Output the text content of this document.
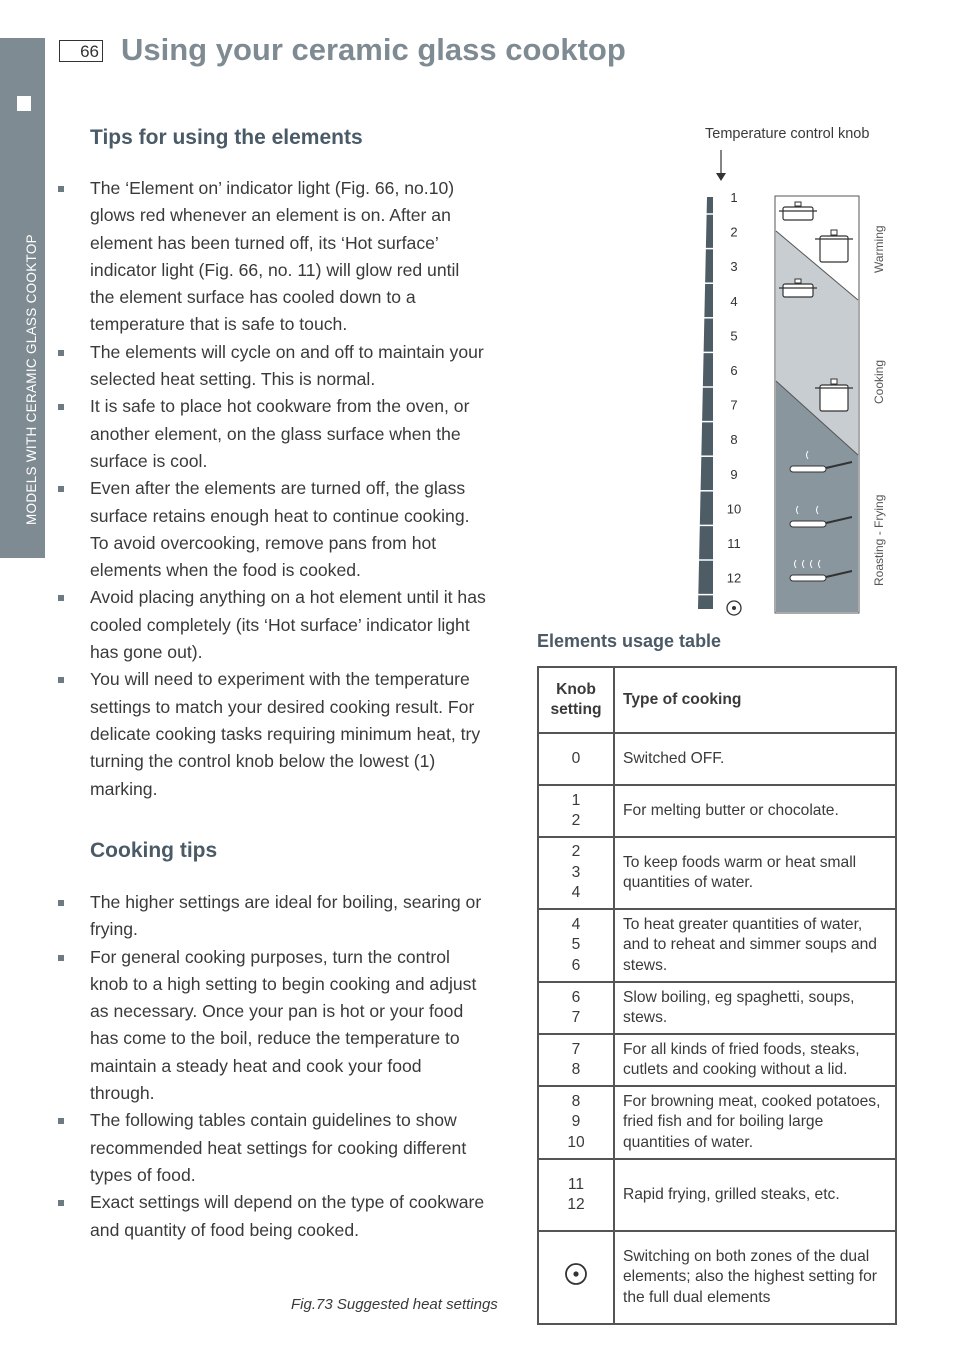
MODELS WITH CERAMIC GLASS COOKTOP
66 Using your ceramic glass cooktop
Tips for using the elements
The ‘Element on’ indicator light (Fig. 66, no.10) glows red whenever an element is on. After an element has been turned off, its ‘Hot surface’ indicator light (Fig. 66, no. 11) will glow red until the element surface has cooled down to a temperature that is safe to touch.
The elements will cycle on and off to maintain your selected heat setting. This is normal.
It is safe to place hot cookware from the oven, or another element, on the glass surface when the surface is cool.
Even after the elements are turned off, the glass surface retains enough heat to continue cooking. To avoid overcooking, remove pans from hot elements when the food is cooked.
Avoid placing anything on a hot element until it has cooled completely (its ‘Hot surface’ indicator light has gone out).
You will need to experiment with the temperature settings to match your desired cooking result. For delicate cooking tasks requiring minimum heat, try turning the control knob below the lowest (1) marking.
Cooking tips
The higher settings are ideal for boiling, searing or frying.
For general cooking purposes, turn the control knob to a high setting to begin cooking and adjust as necessary. Once your pan is hot or your food has come to the boil, reduce the temperature to maintain a steady heat and cook your food through.
The following tables contain guidelines to show recommended heat settings for cooking different types of food.
Exact settings will depend on the type of cookware and quantity of food being cooked.
Temperature control knob
1
2
3
4
5
6
7
8
9
10
11
12
Warming
Cooking
Roasting - Frying
Fig.73 Suggested heat settings
Elements usage table
Knob
setting	Type of cooking

0	Switched OFF.

1
2	For melting butter or chocolate.

2
3
4	To keep foods warm or heat small quantities of water.

4
5
6	To heat greater quantities of water, and to reheat and simmer soups and stews.

6
7	Slow boiling, eg spaghetti, soups, stews.

7
8	For all kinds of fried foods, steaks, cutlets and cooking without a lid.

8
9
10	For browning meat, cooked potatoes, fried fish and for boiling large quantities of water.

11
12	Rapid frying, grilled steaks, etc.
	Switching on both zones of the dual elements; also the highest setting for the full dual elements
